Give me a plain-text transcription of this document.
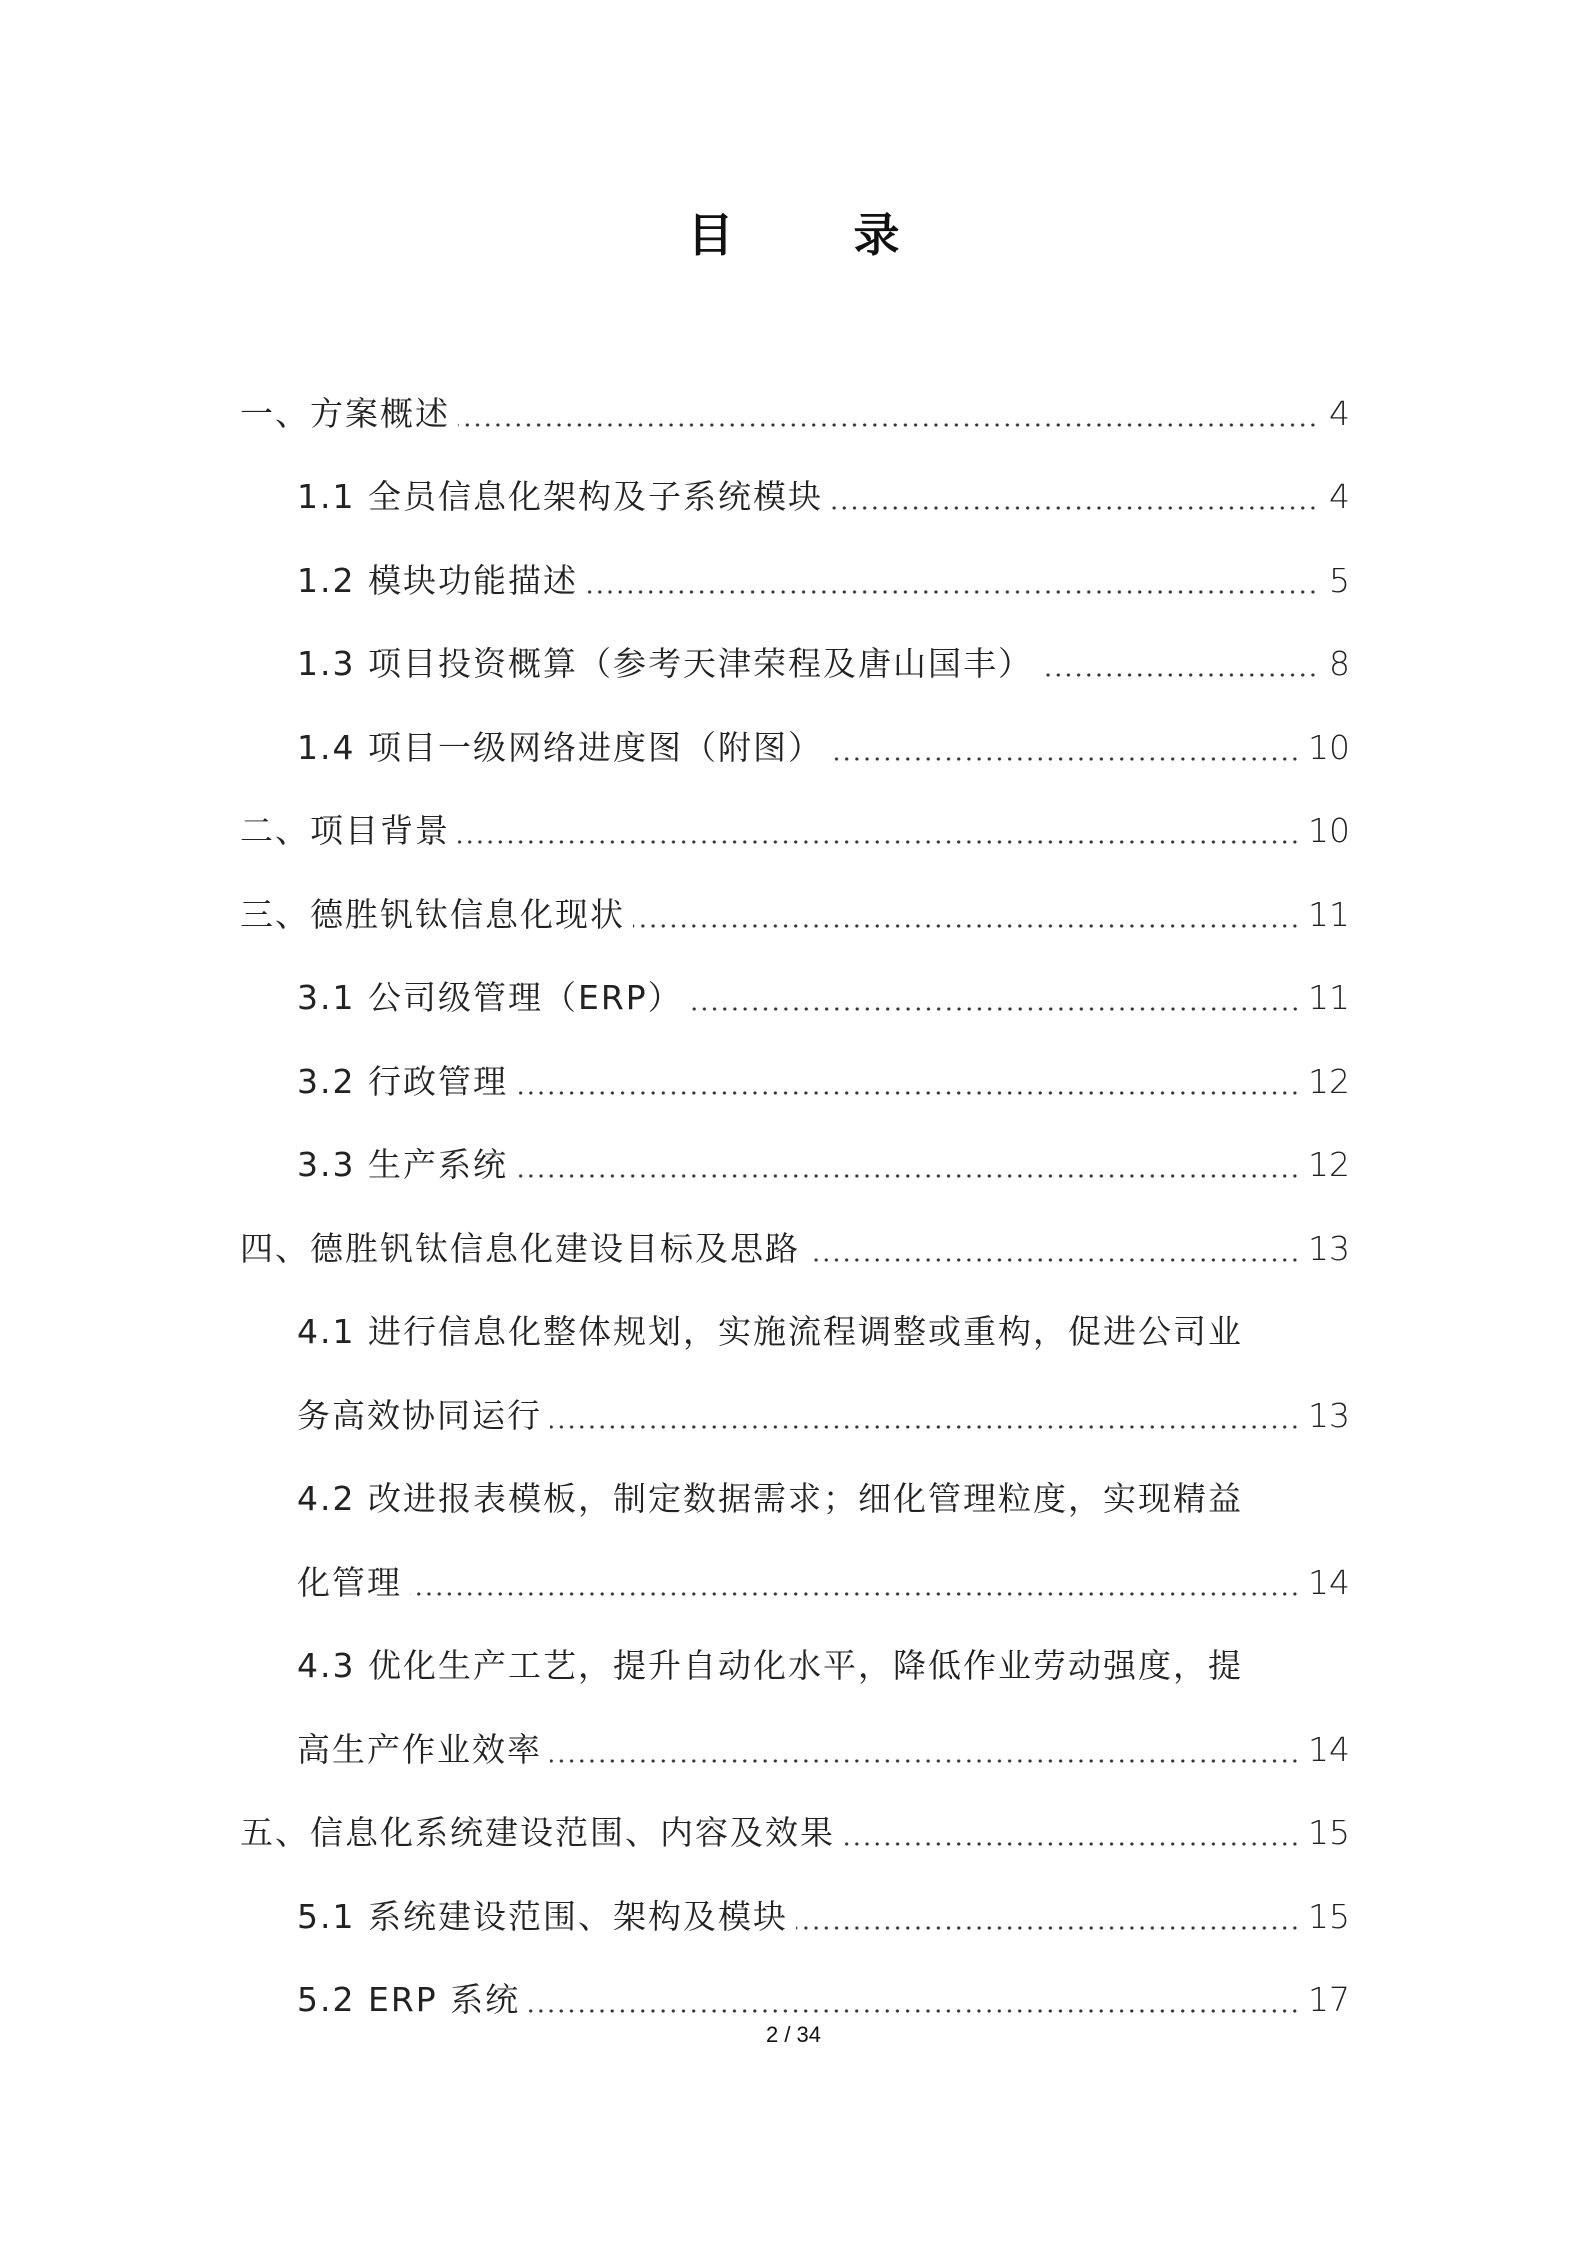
目 录
一、方案概述	4
1.1 全员信息化架构及子系统模块	4
1.2 模块功能描述	5
1.3 项目投资概算（参考天津荣程及唐山国丰）	8
1.4 项目一级网络进度图（附图）	10
二、项目背景	10
三、德胜钒钛信息化现状	11
3.1 公司级管理（ERP）	11
3.2 行政管理	12
3.3 生产系统	12
四、德胜钒钛信息化建设目标及思路	13
4.1 进行信息化整体规划，实施流程调整或重构，促进公司业
务高效协同运行	13
4.2 改进报表模板，制定数据需求；细化管理粒度，实现精益
化管理	14
4.3 优化生产工艺，提升自动化水平，降低作业劳动强度，提
高生产作业效率	14
五、信息化系统建设范围、内容及效果	15
5.1 系统建设范围、架构及模块	15
5.2 ERP 系统	17
2 / 34
